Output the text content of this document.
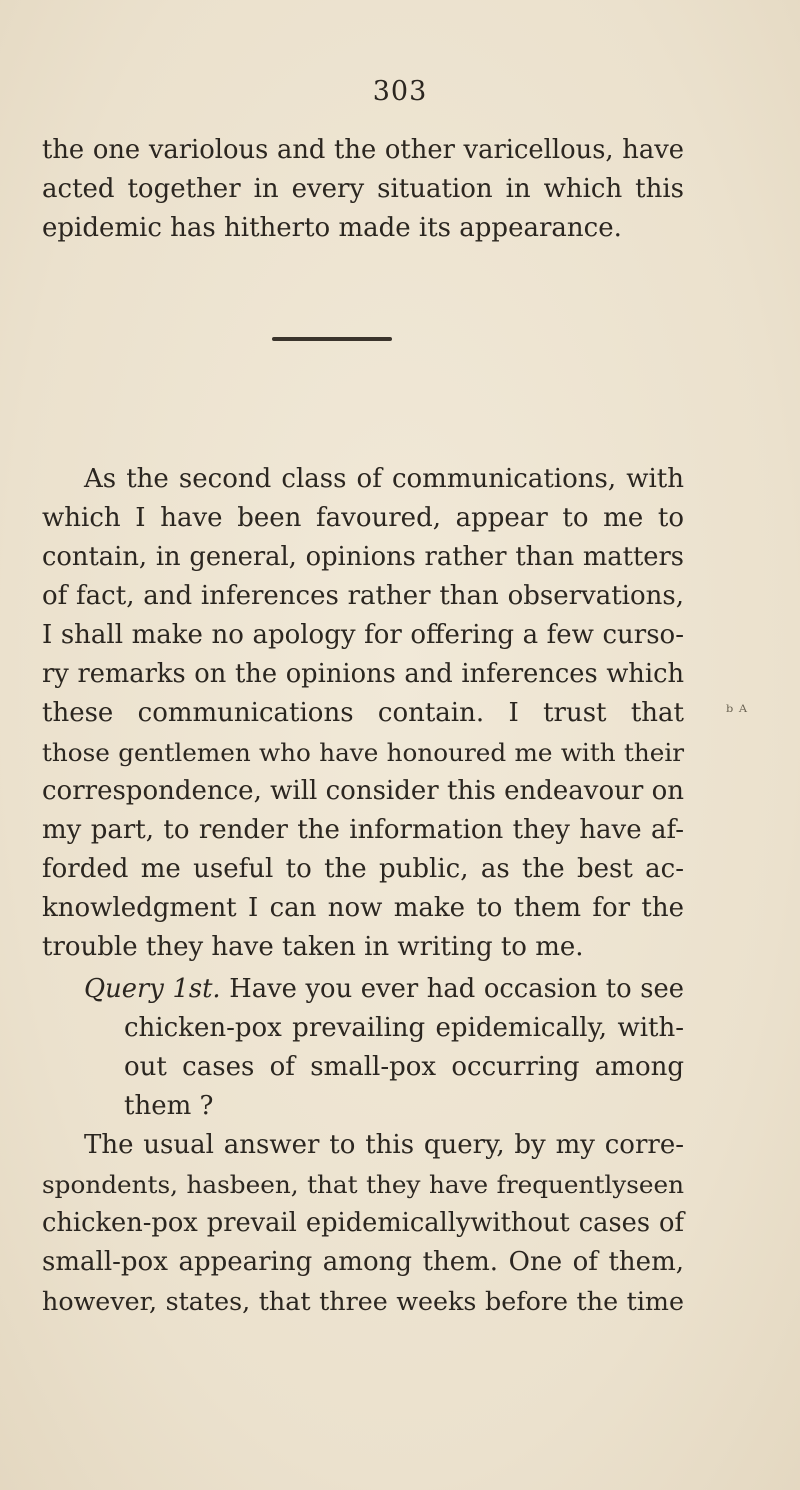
303
the one variolous and the other varicellous, have
acted together in every situation in which this
epidemic has hitherto made its appearance.
As the second class of communications, with
which I have been favoured, appear to me to
contain, in general, opinions rather than matters
of fact, and inferences rather than observations,
I shall make no apology for offering a few curso-
ry remarks on the opinions and inferences which
these communications contain. I trust that
those gentlemen who have honoured me with their
correspondence, will consider this endeavour on
my part, to render the information they have af-
forded me useful to the public, as the best ac-
knowledgment I can now make to them for the
trouble they have taken in writing to me.
ᵇ ᴬ
Query 1st. Have you ever had occasion to see
chicken-pox prevailing epidemically, with-
out cases of small-pox occurring among
them ?
The usual answer to this query, by my corre-
spondents, hasbeen, that they have frequentlyseen
chicken-pox prevail epidemicallywithout cases of
small-pox appearing among them. One of them,
however, states, that three weeks before the time
